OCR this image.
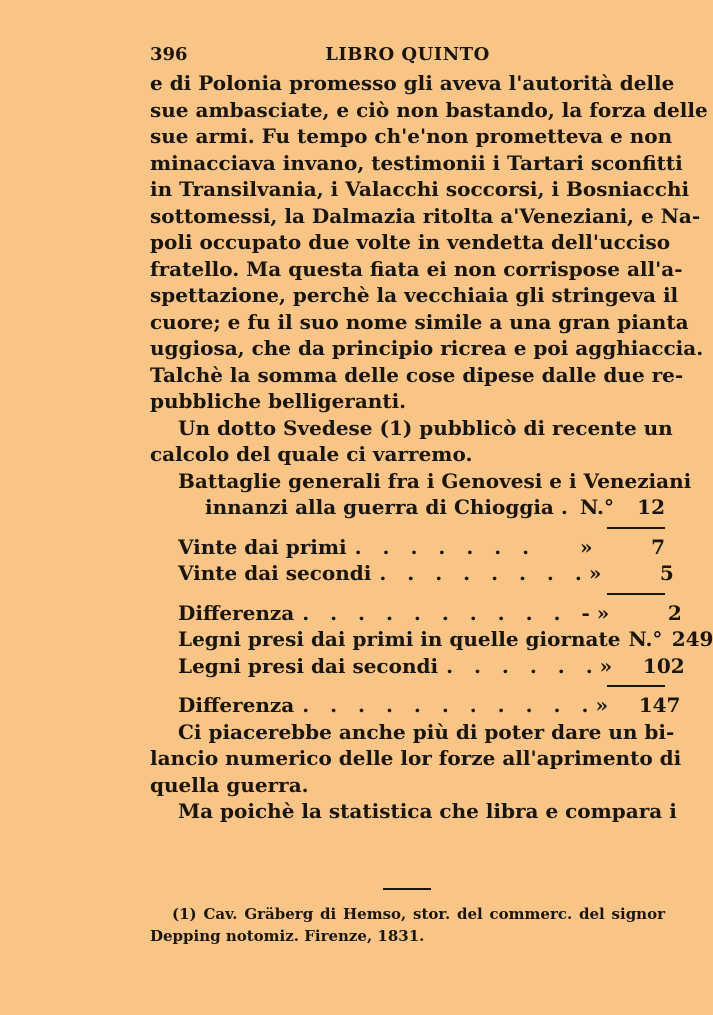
396	LIBRO QUINTO
e di Polonia promesso gli aveva l'autorità delle
sue ambasciate, e ciò non bastando, la forza delle
sue armi. Fu tempo ch'e'non prometteva e non
minacciava invano, testimonii i Tartari sconfitti
in Transilvania, i Valacchi soccorsi, i Bosniacchi
sottomessi, la Dalmazia ritolta a'Veneziani, e Na-
poli occupato due volte in vendetta dell'ucciso
fratello. Ma questa fiata ei non corrispose all'a-
spettazione, perchè la vecchiaia gli stringeva il
cuore; e fu il suo nome simile a una gran pianta
uggiosa, che da principio ricrea e poi agghiaccia.
Talchè la somma delle cose dipese dalle due re-
pubbliche belligeranti.
Un dotto Svedese (1) pubblicò di recente un
calcolo del quale ci varremo.
Battaglie generali fra i Genovesi e i Veneziani
innanzi alla guerra di Chioggia . N.°	12
Vinte dai primi . . . . . . .	»	7
Vinte dai secondi . . . . . . . . »	5
Differenza . . . . . . . . . . - »	2
Legni presi dai primi in quelle giornate N.° 249
Legni presi dai secondi . . . . . . »	102
Differenza . . . . . . . . . . . »	147
Ci piacerebbe anche più di poter dare un bi-
lancio numerico delle lor forze all'aprimento di
quella guerra.
Ma poichè la statistica che libra e compara i
(1) Cav. Gräberg di Hemso, stor. del commerc. del signor
Depping notomiz. Firenze, 1831.
